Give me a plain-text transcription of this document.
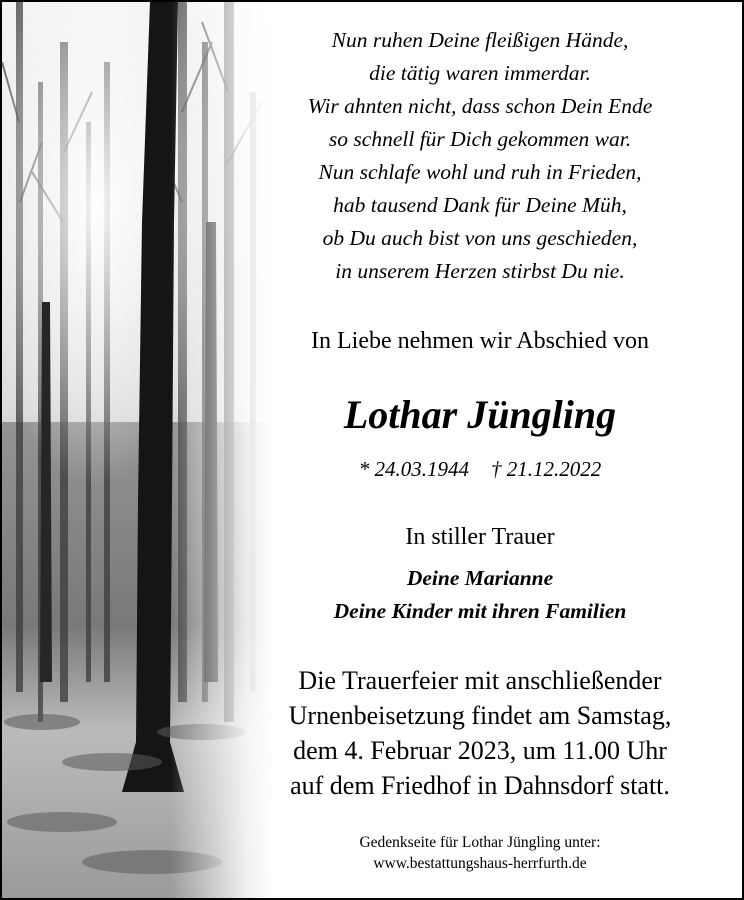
Nun ruhen Deine fleißigen Hände,
die tätig waren immerdar.
Wir ahnten nicht, dass schon Dein Ende
so schnell für Dich gekommen war.
Nun schlafe wohl und ruh in Frieden,
hab tausend Dank für Deine Müh,
ob Du auch bist von uns geschieden,
in unserem Herzen stirbst Du nie.
In Liebe nehmen wir Abschied von
Lothar Jüngling
* 24.03.1944 † 21.12.2022
In stiller Trauer
Deine Marianne
Deine Kinder mit ihren Familien
Die Trauerfeier mit anschließender
Urnenbeisetzung findet am Samstag,
dem 4. Februar 2023, um 11.00 Uhr
auf dem Friedhof in Dahnsdorf statt.
Gedenkseite für Lothar Jüngling unter:
www.bestattungshaus-herrfurth.de
